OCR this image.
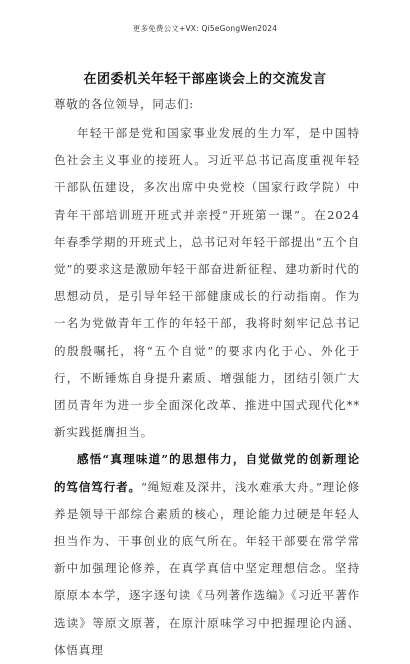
更多免费公文+VX: Qi5eGongWen2024
在团委机关年轻干部座谈会上的交流发言
尊敬的各位领导，同志们:

年轻干部是党和国家事业发展的生力军，是中国特色社会主义事业的接班人。习近平总书记高度重视年轻干部队伍建设，多次出席中央党校（国家行政学院）中青年干部培训班开班式并亲授“开班第一课”。在2024年春季学期的开班式上，总书记对年轻干部提出“五个自觉”的要求这是激励年轻干部奋进新征程、建功新时代的思想动员，是引导年轻干部健康成长的行动指南。作为一名为党做青年工作的年轻干部，我将时刻牢记总书记的殷殷嘱托，将“五个自觉”的要求内化于心、外化于行，不断锤炼自身提升素质、增强能力，团结引领广大团员青年为进一步全面深化改革、推进中国式现代化**新实践挺膺担当。

感悟“真理味道”的思想伟力，自觉做党的创新理论的笃信笃行者。“绳短难及深井，浅水难承大舟。”理论修养是领导干部综合素质的核心，理论能力过硬是年轻人担当作为、干事创业的底气所在。年轻干部要在常学常新中加强理论修养，在真学真信中坚定理想信念。坚持原原本本学，逐字逐句读《马列著作选编》《习近平著作选读》等原文原著，在原汁原味学习中把握理论内涵、体悟真理
